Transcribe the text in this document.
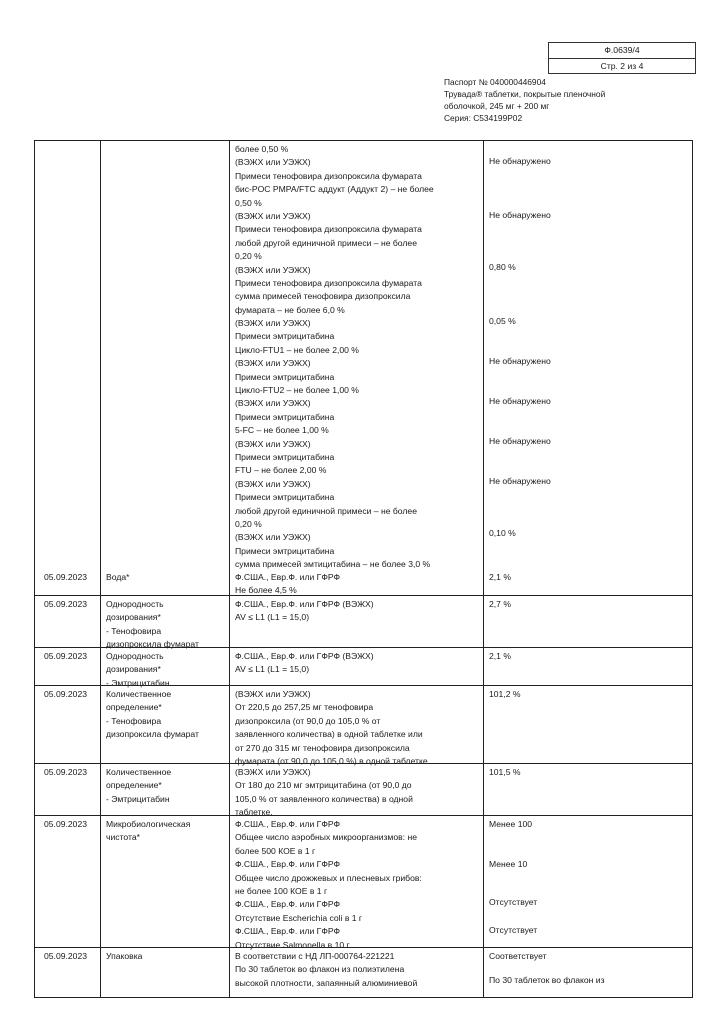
Ф.0639/4
Стр. 2 из 4
Паспорт № 040000446904
Трувада® таблетки, покрытые пленочной
оболочкой, 245 мг + 200 мг
Серия: С534199Р02
более 0,50 %
(ВЭЖХ или УЭЖХ)
Примеси тенофовира дизопроксила фумарата
бис-POC PMPA/FTC аддукт (Аддукт 2) – не более
0,50 %
(ВЭЖХ или УЭЖХ)
Примеси тенофовира дизопроксила фумарата
любой другой единичной примеси – не более
0,20 %
(ВЭЖХ или УЭЖХ)
Примеси тенофовира дизопроксила фумарата
сумма примесей тенофовира дизопроксила
фумарата – не более 6,0 %
(ВЭЖХ или УЭЖХ)
Примеси эмтрицитабина
Цикло-FTU1 – не более 2,00 %
(ВЭЖХ или УЭЖХ)
Примеси эмтрицитабина
Цикло-FTU2 – не более 1,00 %
(ВЭЖХ или УЭЖХ)
Примеси эмтрицитабина
5-FC – не более 1,00 %
(ВЭЖХ или УЭЖХ)
Примеси эмтрицитабина
FTU – не более 2,00 %
(ВЭЖХ или УЭЖХ)
Примеси эмтрицитабина
любой другой единичной примеси – не более
0,20 %
(ВЭЖХ или УЭЖХ)
Примеси эмтрицитабина
сумма примесей эмтицитабина – не более 3,0 %
Не обнаружено
Не обнаружено
0,80 %
0,05 %
Не обнаружено
Не обнаружено
Не обнаружено
Не обнаружено
0,10 %
05.09.2023 Вода*	Ф.США., Евр.Ф. или ГФРФ
Не более 4,5 %
2,1 %
05.09.2023 Однородность
дозирования*
- Тенофовира
дизопроксила фумарат
Ф.США., Евр.Ф. или ГФРФ (ВЭЖХ)
AV ≤ L1 (L1 = 15,0)
2,7 %
05.09.2023 Однородность
дозирования*
- Эмтрицитабин
Ф.США., Евр.Ф. или ГФРФ (ВЭЖХ)
AV ≤ L1 (L1 = 15,0)
2,1 %
05.09.2023 Количественное
определение*
- Тенофовира
дизопроксила фумарат
(ВЭЖХ или УЭЖХ)
От 220,5 до 257,25 мг тенофовира
дизопроксила (от 90,0 до 105,0 % от
заявленного количества) в одной таблетке или
от 270 до 315 мг тенофовира дизопроксила
фумарата (от 90,0 до 105,0 %) в одной таблетке.
101,2 %
05.09.2023 Количественное
определение*
- Эмтрицитабин
(ВЭЖХ или УЭЖХ)
От 180 до 210 мг эмтрицитабина (от 90,0 до
105,0 % от заявленного количества) в одной
таблетке.
101,5 %
05.09.2023 Микробиологическая
чистота*
Ф.США., Евр.Ф. или ГФРФ
Общее число аэробных микроорганизмов: не
более 500 КОЕ в 1 г
Ф.США., Евр.Ф. или ГФРФ
Общее число дрожжевых и плесневых грибов:
не более 100 КОЕ в 1 г
Ф.США., Евр.Ф. или ГФРФ
Отсутствие Escherichia coli в 1 г
Ф.США., Евр.Ф. или ГФРФ
Отсутствие Salmonella в 10 г
Менее 100
Менее 10
Отсутствует
Отсутствует
05.09.2023 Упаковка	В соответствии с НД ЛП-000764-221221
По 30 таблеток во флакон из полиэтилена
высокой плотности, запаянный алюминиевой
Соответствует
По 30 таблеток во флакон из
